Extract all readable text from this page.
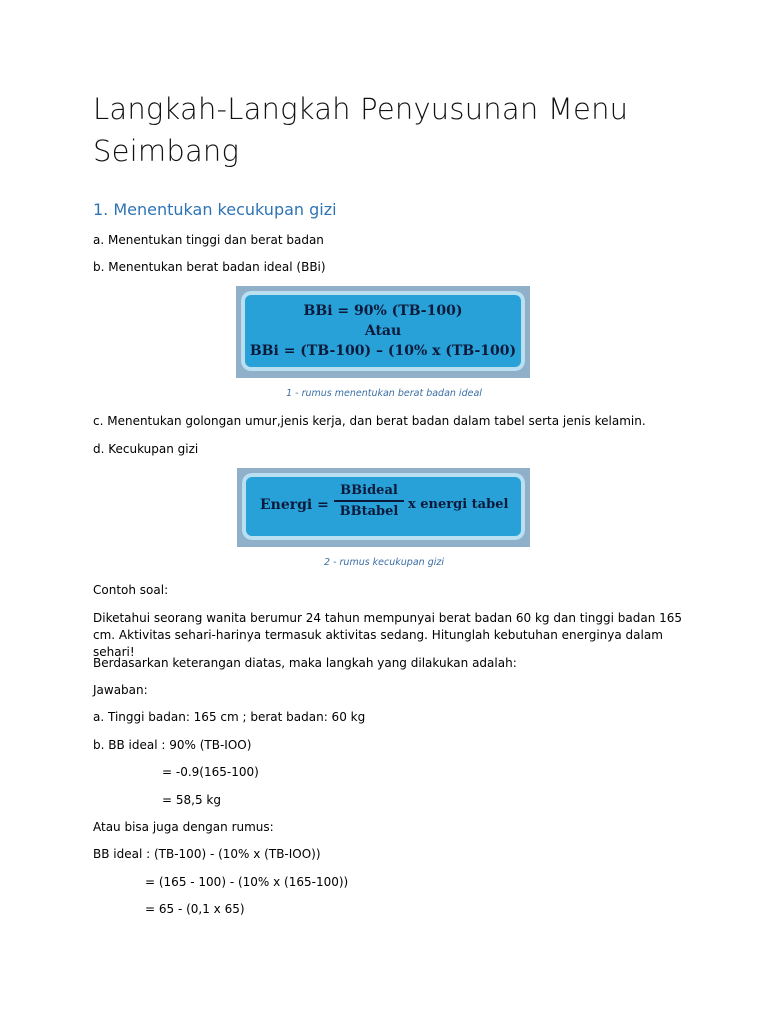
Langkah-Langkah Penyusunan Menu Seimbang
1. Menentukan kecukupan gizi
a. Menentukan tinggi dan berat badan
b. Menentukan berat badan ideal (BBi)
BBi = 90% (TB-100)
Atau
BBi = (TB-100) – (10% x (TB-100)
1 - rumus menentukan berat badan ideal
c. Menentukan golongan umur,jenis kerja, dan berat badan dalam tabel serta jenis kelamin.
d. Kecukupan gizi
Energi =
BBideal
BBtabel x energi tabel
2 - rumus kecukupan gizi
Contoh soal:
Diketahui seorang wanita berumur 24 tahun mempunyai berat badan 60 kg dan tinggi badan 165 cm. Aktivitas sehari-harinya termasuk aktivitas sedang. Hitunglah kebutuhan energinya dalam sehari!
Berdasarkan keterangan diatas, maka langkah yang dilakukan adalah:
Jawaban:
a. Tinggi badan: 165 cm ; berat badan: 60 kg
b. BB ideal : 90% (TB-IOO)
= -0.9(165-100)
= 58,5 kg
Atau bisa juga dengan rumus:
BB ideal : (TB-100) - (10% x (TB-IOO))
= (165 - 100) - (10% x (165-100))
= 65 - (0,1 x 65)
